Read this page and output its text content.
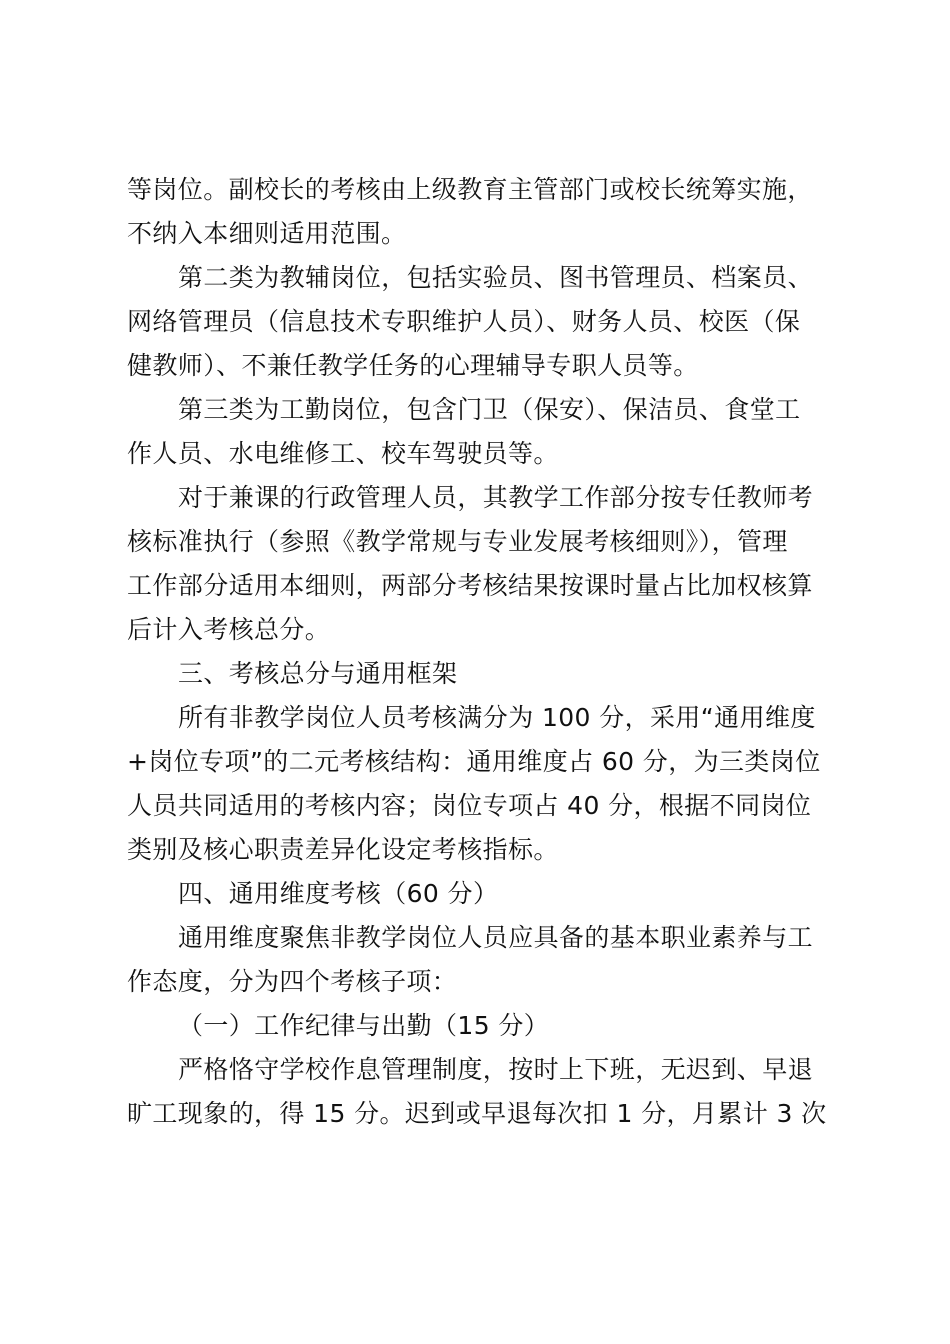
等岗位。副校长的考核由上级教育主管部门或校长统筹实施，
不纳入本细则适用范围。
第二类为教辅岗位，包括实验员、图书管理员、档案员、
网络管理员（信息技术专职维护人员）、财务人员、校医（保
健教师）、不兼任教学任务的心理辅导专职人员等。
第三类为工勤岗位，包含门卫（保安）、保洁员、食堂工
作人员、水电维修工、校车驾驶员等。
对于兼课的行政管理人员，其教学工作部分按专任教师考
核标准执行（参照《教学常规与专业发展考核细则》），管理
工作部分适用本细则，两部分考核结果按课时量占比加权核算
后计入考核总分。
三、考核总分与通用框架
所有非教学岗位人员考核满分为 100 分，采用“通用维度
+岗位专项”的二元考核结构：通用维度占 60 分，为三类岗位
人员共同适用的考核内容；岗位专项占 40 分，根据不同岗位
类别及核心职责差异化设定考核指标。
四、通用维度考核（60 分）
通用维度聚焦非教学岗位人员应具备的基本职业素养与工
作态度，分为四个考核子项：
（一）工作纪律与出勤（15 分）
严格恪守学校作息管理制度，按时上下班，无迟到、早退
旷工现象的，得 15 分。迟到或早退每次扣 1 分，月累计 3 次
